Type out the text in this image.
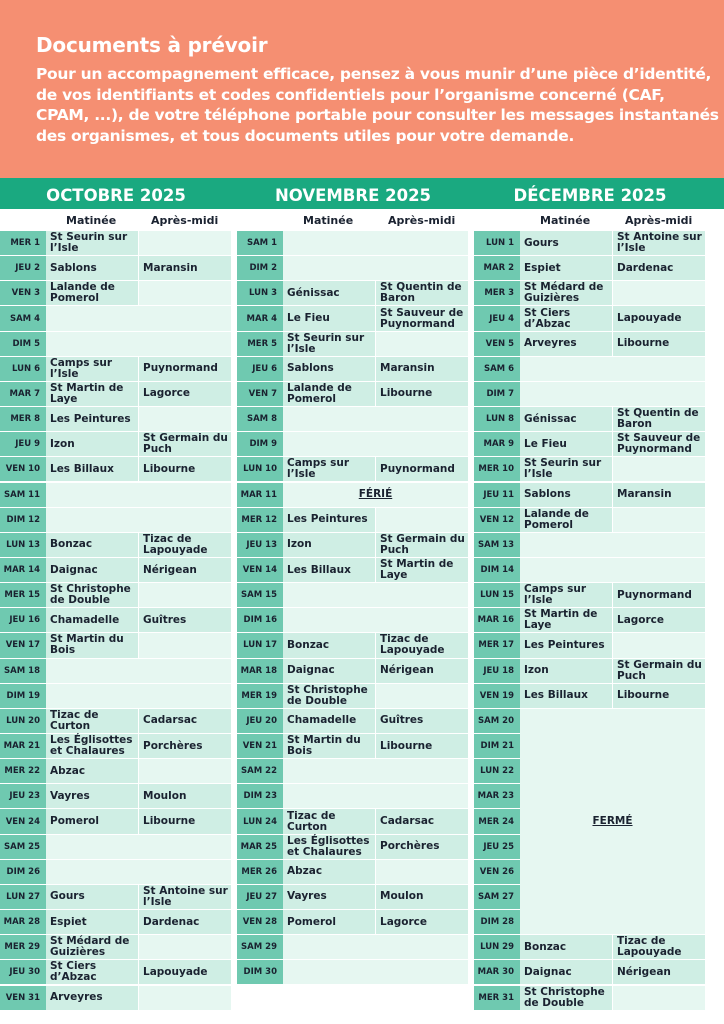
Documents à prévoir

Pour un accompagnement efficace, pensez à vous munir d’une pièce d’identité, de vos identifiants et codes confidentiels pour l’organisme concerné (CAF, CPAM, ...), de votre téléphone portable pour consulter les messages instantanés des organismes, et tous documents utiles pour votre demande.

OCTOBRE 2025
Matinée	Après-midi
MER 1 St Seurin sur l’Isle
JEU 2 Sablons	Maransin
VEN 3 Lalande de Pomerol
SAM 4
DIM 5
LUN 6 Camps sur l’Isle	Puynormand
MAR 7 St Martin de Laye	Lagorce
MER 8 Les Peintures
JEU 9 Izon	St Germain du Puch
VEN 10 Les Billaux	Libourne
SAM 11
DIM 12
LUN 13 Bonzac	Tizac de Lapouyade
MAR 14 Daignac	Nérigean
MER 15 St Christophe de Double
JEU 16 Chamadelle	Guîtres
VEN 17 St Martin du Bois
SAM 18
DIM 19
LUN 20 Tizac de Curton	Cadarsac
MAR 21 Les Églisottes et Chalaures	Porchères
MER 22 Abzac
JEU 23 Vayres	Moulon
VEN 24 Pomerol	Libourne
SAM 25
DIM 26
LUN 27 Gours	St Antoine sur l’Isle
MAR 28 Espiet	Dardenac
MER 29 St Médard de Guizières
JEU 30 St Ciers d’Abzac	Lapouyade
VEN 31 Arveyres
NOVEMBRE 2025
Matinée	Après-midi
SAM 1
DIM 2
LUN 3 Génissac	St Quentin de Baron
MAR 4 Le Fieu	St Sauveur de Puynormand
MER 5 St Seurin sur l’Isle
JEU 6 Sablons	Maransin
VEN 7 Lalande de Pomerol	Libourne
SAM 8
DIM 9
LUN 10 Camps sur l’Isle	Puynormand
MAR 11	FÉRIÉ
MER 12 Les Peintures
JEU 13 Izon	St Germain du Puch
VEN 14 Les Billaux	St Martin de Laye
SAM 15
DIM 16
LUN 17 Bonzac	Tizac de Lapouyade
MAR 18 Daignac	Nérigean
MER 19 St Christophe de Double
JEU 20 Chamadelle	Guîtres
VEN 21 St Martin du Bois	Libourne
SAM 22
DIM 23
LUN 24 Tizac de Curton	Cadarsac
MAR 25 Les Églisottes et Chalaures	Porchères
MER 26 Abzac
JEU 27 Vayres	Moulon
VEN 28 Pomerol	Lagorce
SAM 29
DIM 30
DÉCEMBRE 2025
Matinée	Après-midi
LUN 1 Gours	St Antoine sur l’Isle
MAR 2 Espiet	Dardenac
MER 3 St Médard de Guizières
JEU 4 St Ciers d’Abzac	Lapouyade
VEN 5 Arveyres	Libourne
SAM 6
DIM 7
LUN 8 Génissac	St Quentin de Baron
MAR 9 Le Fieu	St Sauveur de Puynormand
MER 10 St Seurin sur l’Isle
JEU 11 Sablons	Maransin
VEN 12 Lalande de Pomerol
SAM 13
DIM 14
LUN 15 Camps sur l’Isle	Puynormand
MAR 16 St Martin de Laye	Lagorce
MER 17 Les Peintures
JEU 18 Izon	St Germain du Puch
VEN 19 Les Billaux	Libourne
SAM 20
DIM 21
LUN 22
MAR 23
MER 24
JEU 25
VEN 26
SAM 27
DIM 28
LUN 29 Bonzac	Tizac de Lapouyade
MAR 30 Daignac	Nérigean
MER 31 St Christophe de Double
FERMÉ
